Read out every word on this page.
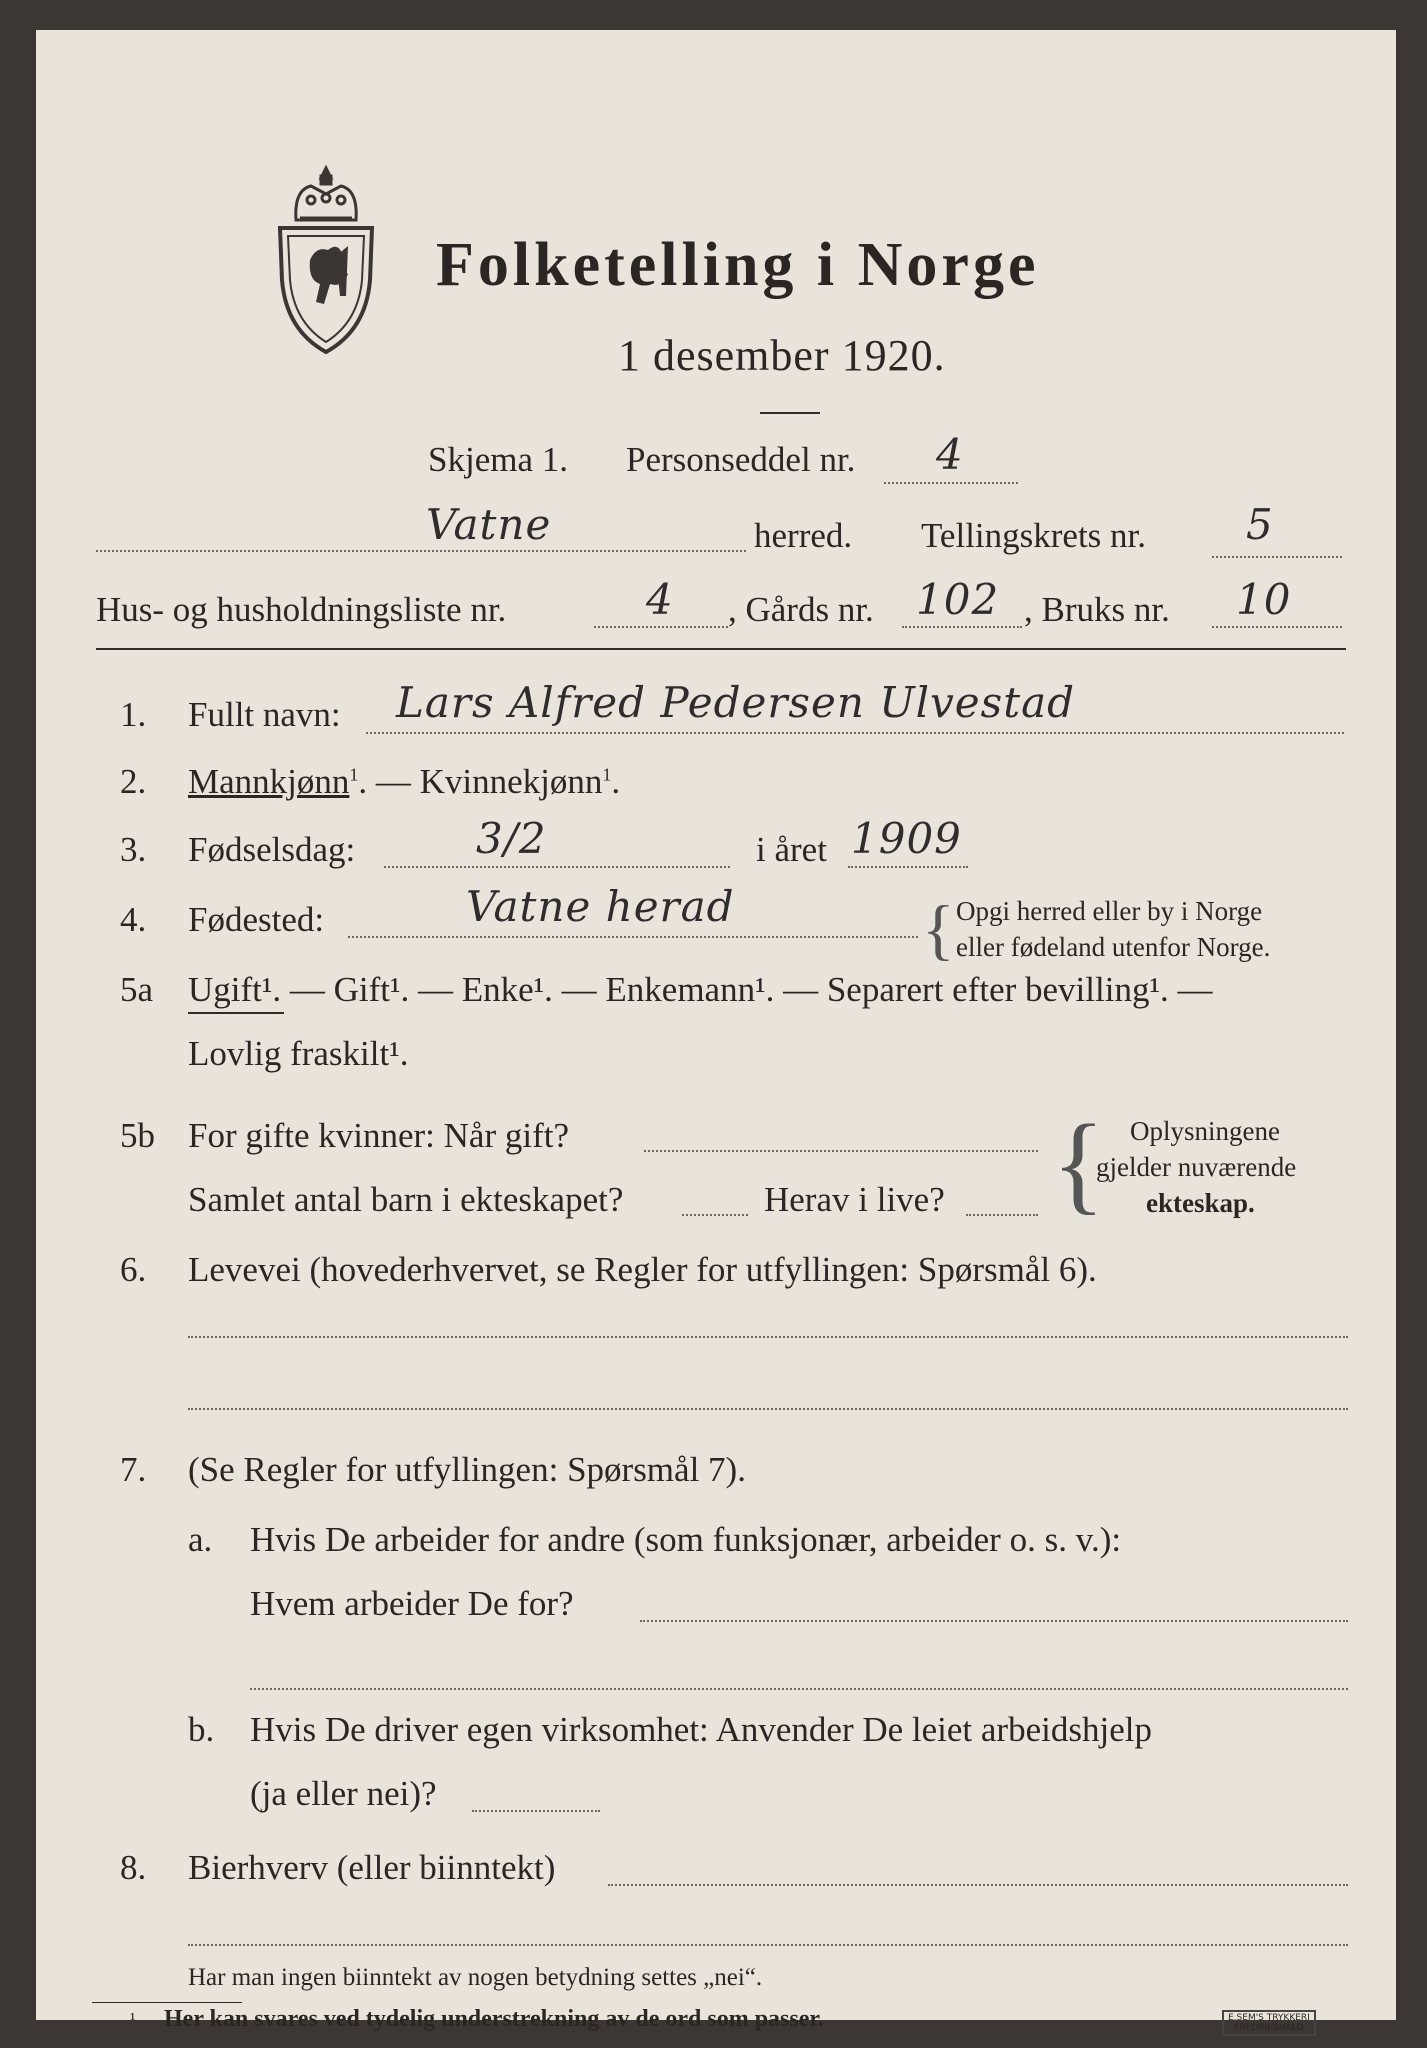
Folketelling i Norge
1 desember 1920.
Skjema 1. Personseddel nr. 4
Vatne	herred. Tellingskrets nr. 5
Hus- og husholdningsliste nr.	4 , Gårds nr. 102 , Bruks nr. 10
1. Fullt navn: Lars Alfred Pedersen Ulvestad
2. Mannkjønn$^1$. — Kvinnekjønn$^1$.
3. Fødselsdag:	3/2	i året 1909
4. Fødested:	Vatne herad	{ Opgi herred eller by i Norge
eller fødeland utenfor Norge.
5a Ugift¹. — Gift¹. — Enke¹. — Enkemann¹. — Separert efter bevilling¹. —
Lovlig fraskilt¹.
5b For gifte kvinner: Når gift?
Samlet antal barn i ekteskapet?	Herav i live? { Oplysningene
gjelder nuværende
ekteskap.
6. Levevei (hovederhvervet, se Regler for utfyllingen: Spørsmål 6).
7. (Se Regler for utfyllingen: Spørsmål 7).
a. Hvis De arbeider for andre (som funksjonær, arbeider o. s. v.):
Hvem arbeider De for?
b. Hvis De driver egen virksomhet: Anvender De leiet arbeidshjelp
(ja eller nei)?
8. Bierhverv (eller biinntekt)
Har man ingen biinntekt av nogen betydning settes „nei“.
¹ Her kan svares ved tydelig understrekning av de ord som passer.	E.SEM'S TRYKKERI
FREDRIKSHALD
